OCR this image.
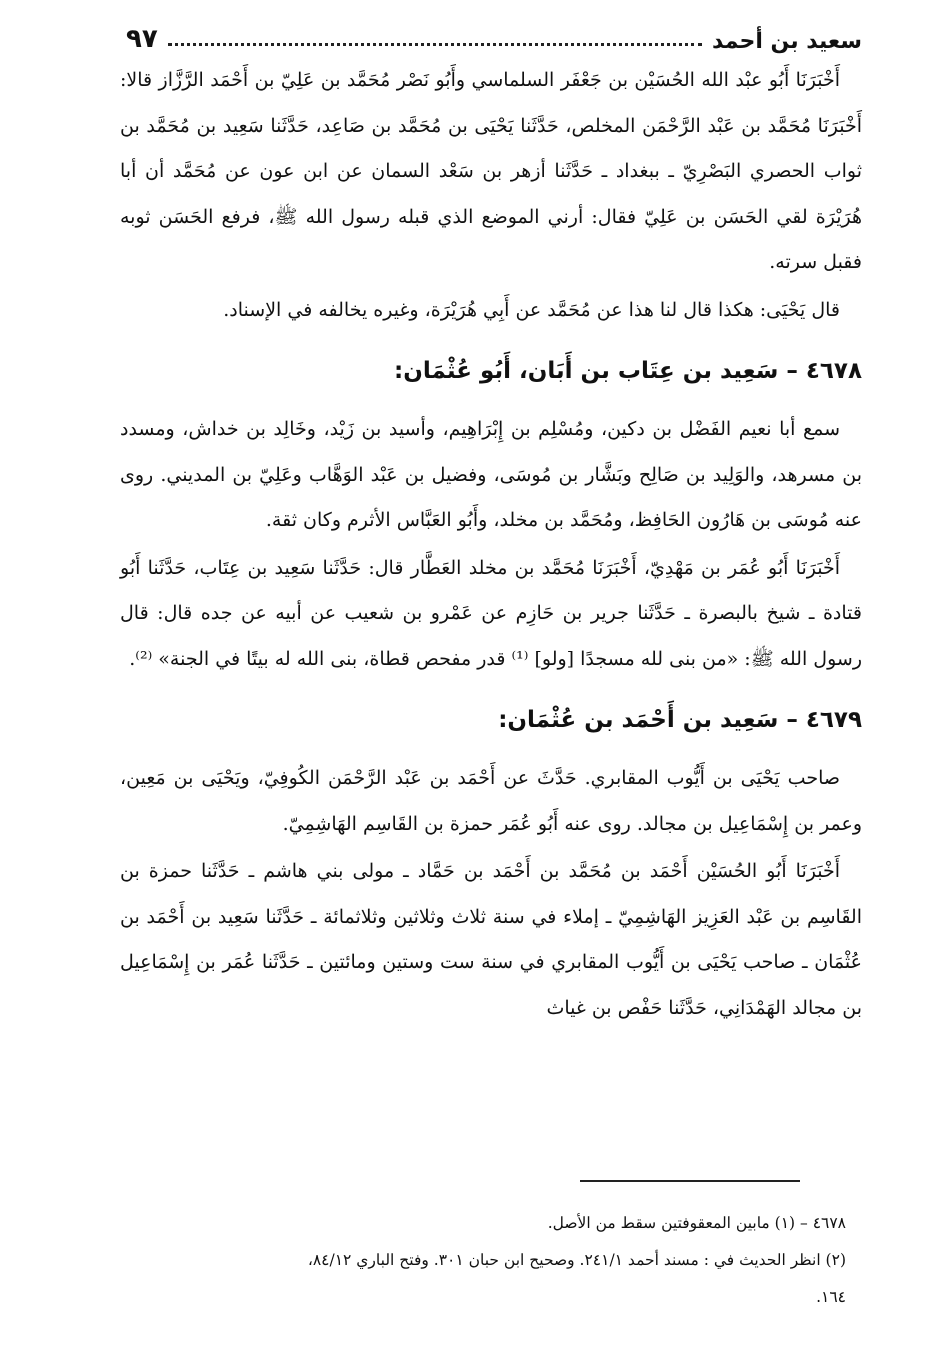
سعيد بن أحمد
٩٧

أَخْبَرَنَا أَبُو عبْد الله الحُسَيْن بن جَعْفَر السلماسي وأَبُو نَصْر مُحَمَّد بن عَلِيّ بن أَحْمَد الرَّزَّاز قالا: أَخْبَرَنَا مُحَمَّد بن عَبْد الرَّحْمَن المخلص، حَدَّثَنا يَحْيَى بن مُحَمَّد بن صَاعِد، حَدَّثَنا سَعِيد بن مُحَمَّد بن ثواب الحصري البَصْرِيّ ـ ببغداد ـ حَدَّثَنا أزهر بن سَعْد السمان عن ابن عون عن مُحَمَّد أن أبا هُرَيْرَة لقي الحَسَن بن عَلِيّ فقال: أرني الموضع الذي قبله رسول الله ﷺ، فرفع الحَسَن ثوبه فقبل سرته.

قال يَحْيَى: هكذا قال لنا هذا عن مُحَمَّد عن أَبِي هُرَيْرَة، وغيره يخالفه في الإسناد.

٤٦٧٨ – سَعِيد بن عِتَاب بن أَبَان، أَبُو عُثْمَان:

سمع أبا نعيم الفَضْل بن دكين، ومُسْلِم بن إِبْرَاهِيم، وأسيد بن زَيْد، وخَالِد بن خداش، ومسدد بن مسرهد، والوَلِيد بن صَالِح وبَشَّار بن مُوسَى، وفضيل بن عَبْد الوَهَّاب وعَلِيّ بن المديني. روى عنه مُوسَى بن هَارُون الحَافِظ، ومُحَمَّد بن مخلد، وأَبُو العَبَّاس الأثرم وكان ثقة.

أَخْبَرَنَا أَبُو عُمَر بن مَهْدِيّ، أَخْبَرَنَا مُحَمَّد بن مخلد العَطَّار قال: حَدَّثَنا سَعِيد بن عِتَاب، حَدَّثَنا أَبُو قتادة ـ شيخ بالبصرة ـ حَدَّثَنا جرير بن حَازِم عن عَمْرو بن شعيب عن أبيه عن جده قال: قال رسول الله ﷺ: «من بنى لله مسجدًا [ولو] ⁽¹⁾ قدر مفحص قطاة، بنى الله له بيتًا في الجنة» ⁽²⁾.

٤٦٧٩ – سَعِيد بن أَحْمَد بن عُثْمَان:

صاحب يَحْيَى بن أَيُّوب المقابري. حَدَّثَ عن أَحْمَد بن عَبْد الرَّحْمَن الكُوفِيّ، ويَحْيَى بن مَعِين، وعمر بن إِسْمَاعِيل بن مجالد. روى عنه أَبُو عُمَر حمزة بن القَاسِم الهَاشِمِيّ.

أَخْبَرَنَا أَبُو الحُسَيْن أَحْمَد بن مُحَمَّد بن أَحْمَد بن حَمَّاد ـ مولى بني هاشم ـ حَدَّثَنا حمزة بن القَاسِم بن عَبْد العَزِيز الهَاشِمِيّ ـ إملاء في سنة ثلاث وثلاثين وثلاثمائة ـ حَدَّثَنا سَعِيد بن أَحْمَد بن عُثْمَان ـ صاحب يَحْيَى بن أَيُّوب المقابري في سنة ست وستين ومائتين ـ حَدَّثَنا عُمَر بن إِسْمَاعِيل بن مجالد الهَمْدَانِي، حَدَّثَنا حَفْص بن غياث

٤٦٧٨ – (١) مابين المعقوفتين سقط من الأصل.

(٢) انظر الحديث في : مسند أحمد ٢٤١/١. وصحيح ابن حبان ٣٠١. وفتح الباري ٨٤/١٢،

١٦٤.
